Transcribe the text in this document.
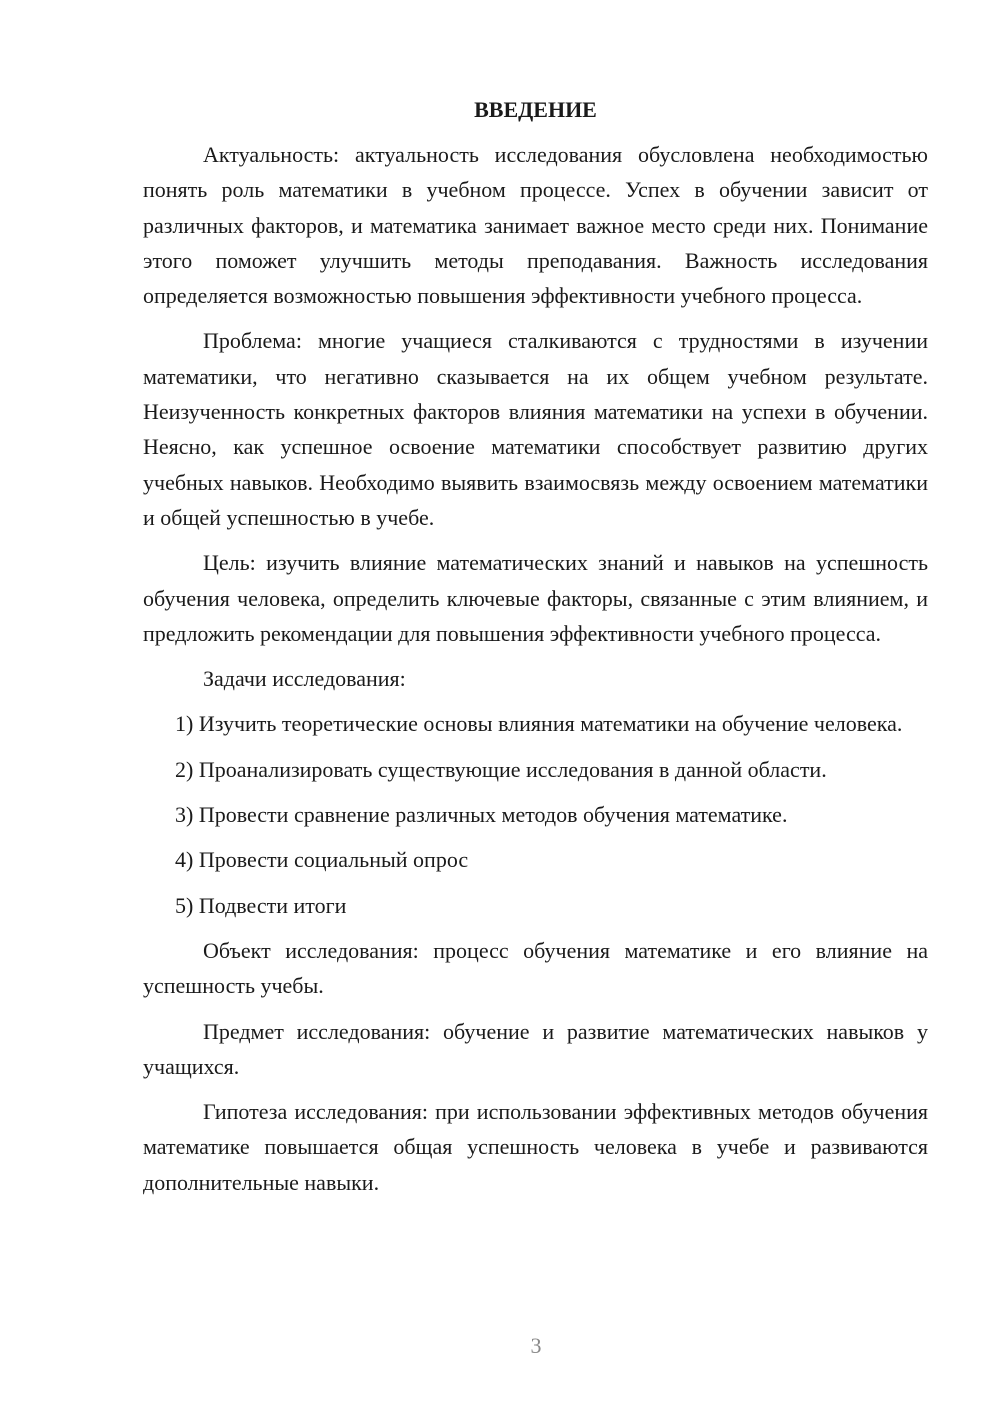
ВВЕДЕНИЕ

Актуальность: актуальность исследования обусловлена необходимостью понять роль математики в учебном процессе. Успех в обучении зависит от различных факторов, и математика занимает важное место среди них. Понимание этого поможет улучшить методы преподавания. Важность исследования определяется возможностью повышения эффективности учебного процесса.

Проблема: многие учащиеся сталкиваются с трудностями в изучении математики, что негативно сказывается на их общем учебном результате. Неизученность конкретных факторов влияния математики на успехи в обучении. Неясно, как успешное освоение математики способствует развитию других учебных навыков. Необходимо выявить взаимосвязь между освоением математики и общей успешностью в учебе.

Цель: изучить влияние математических знаний и навыков на успешность обучения человека, определить ключевые факторы, связанные с этим влиянием, и предложить рекомендации для повышения эффективности учебного процесса.

Задачи исследования:

1) Изучить теоретические основы влияния математики на обучение человека.

2) Проанализировать существующие исследования в данной области.

3) Провести сравнение различных методов обучения математике.

4) Провести социальный опрос

5) Подвести итоги

Объект исследования: процесс обучения математике и его влияние на успешность учебы.

Предмет исследования: обучение и развитие математических навыков у учащихся.

Гипотеза исследования: при использовании эффективных методов обучения математике повышается общая успешность человека в учебе и развиваются дополнительные навыки.

3
